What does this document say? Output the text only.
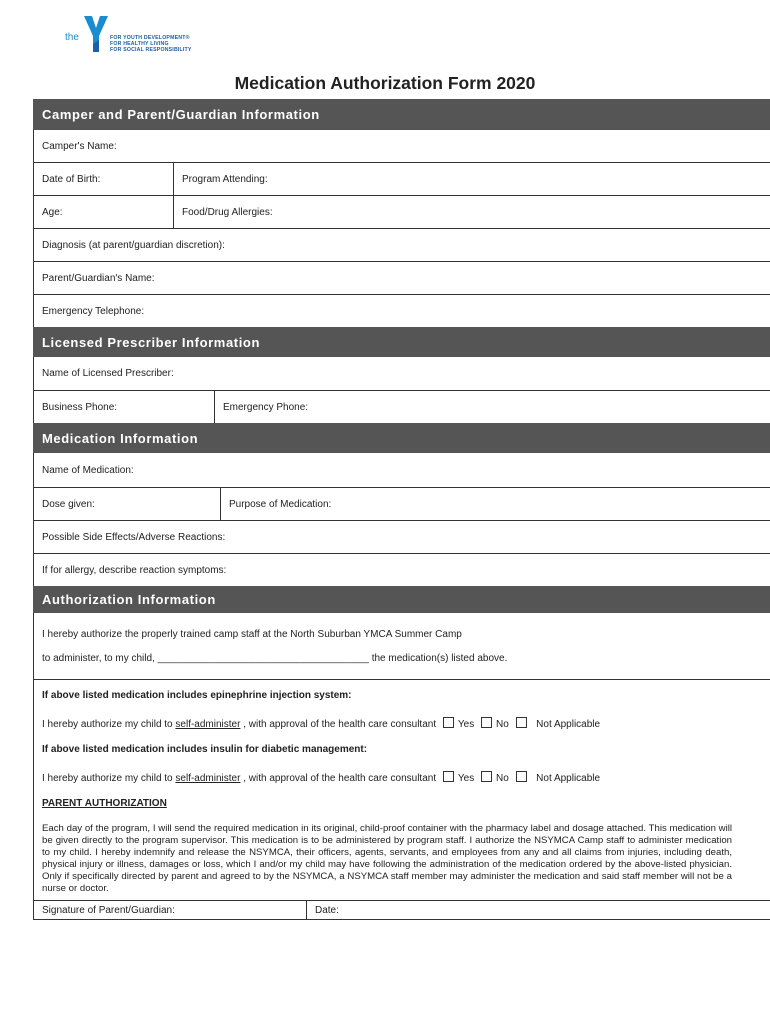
the	FOR YOUTH DEVELOPMENT®
FOR HEALTHY LIVING
FOR SOCIAL RESPONSIBILITY
Medication Authorization Form 2020
Camper and Parent/Guardian Information
Camper's Name:
Date of Birth:	Program Attending:
Age:	Food/Drug Allergies:
Diagnosis (at parent/guardian discretion):
Parent/Guardian's Name:
Emergency Telephone:
Licensed Prescriber Information
Name of Licensed Prescriber:
Business Phone:	Emergency Phone:
Medication Information
Name of Medication:
Dose given:	Purpose of Medication:
Possible Side Effects/Adverse Reactions:
If for allergy, describe reaction symptoms:
Authorization Information
I hereby authorize the properly trained camp staff at the North Suburban YMCA Summer Camp
to administer, to my child, ______________________________________ the medication(s) listed above.
If above listed medication includes epinephrine injection system:
I hereby authorize my child to self-administer , with approval of the health care consultant Yes No	Not Applicable
If above listed medication includes insulin for diabetic management:
I hereby authorize my child to self-administer , with approval of the health care consultant Yes No	Not Applicable
PARENT AUTHORIZATION
Each day of the program, I will send the required medication in its original, child-proof container with the pharmacy label and dosage attached. This medication will be given directly to the program supervisor. This medication is to be administered by program staff. I authorize the NSYMCA Camp staff to administer medication to my child. I hereby indemnify and release the NSYMCA, their officers, agents, servants, and employees from any and all claims from injuries, including death, physical injury or illness, damages or loss, which I and/or my child may have following the administration of the medication ordered by the above-listed physician. Only if specifically directed by parent and agreed to by the NSYMCA, a NSYMCA staff member may administer the medication and said staff member will not be a nurse or doctor.
Signature of Parent/Guardian:	Date:
